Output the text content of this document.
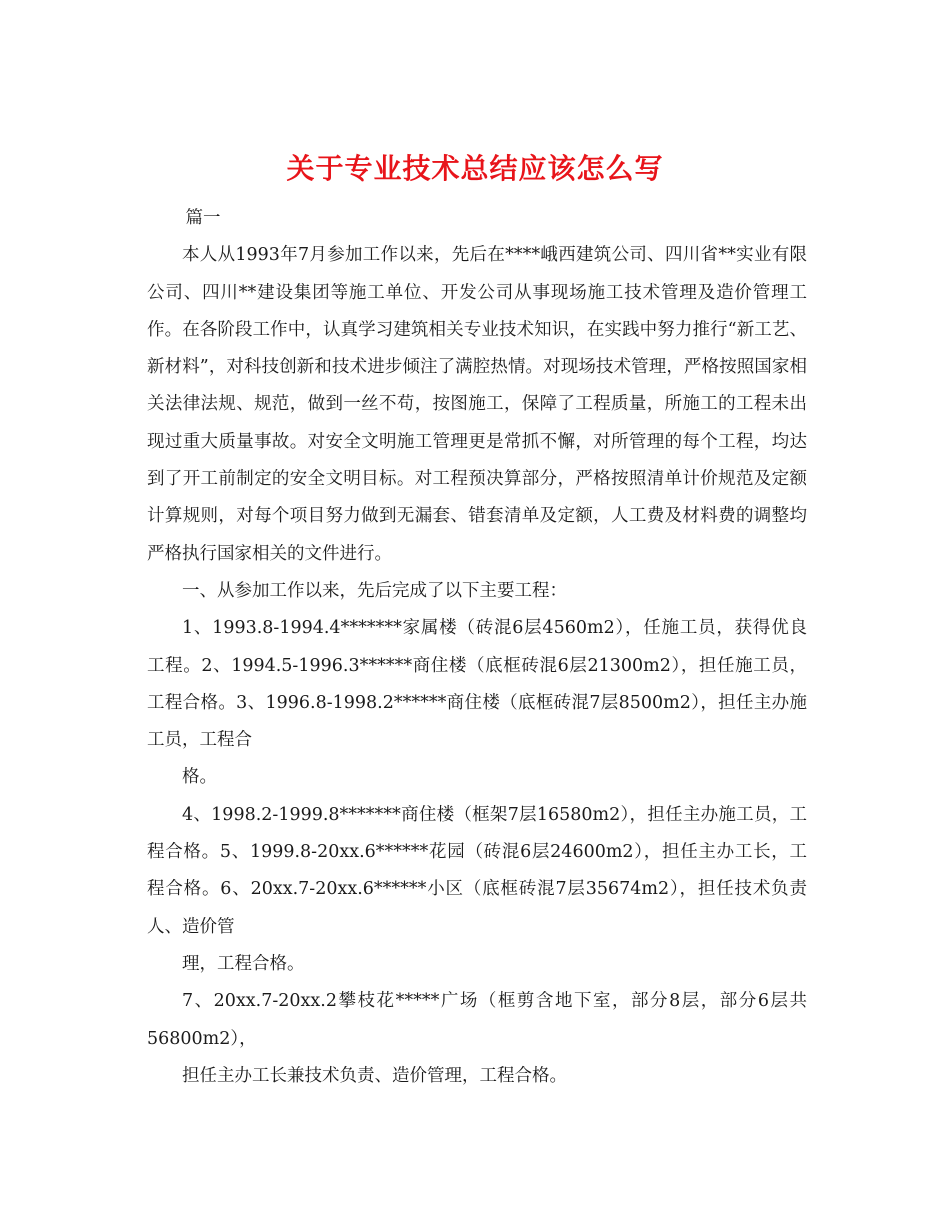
关于专业技术总结应该怎么写

篇一

本人从1993年7月参加工作以来，先后在****峨西建筑公司、四川省**实业有限公司、四川**建设集团等施工单位、开发公司从事现场施工技术管理及造价管理工作。在各阶段工作中，认真学习建筑相关专业技术知识，在实践中努力推行“新工艺、新材料”，对科技创新和技术进步倾注了满腔热情。对现场技术管理，严格按照国家相关法律法规、规范，做到一丝不苟，按图施工，保障了工程质量，所施工的工程未出现过重大质量事故。对安全文明施工管理更是常抓不懈，对所管理的每个工程，均达到了开工前制定的安全文明目标。对工程预决算部分，严格按照清单计价规范及定额计算规则，对每个项目努力做到无漏套、错套清单及定额，人工费及材料费的调整均严格执行国家相关的文件进行。

一、从参加工作以来，先后完成了以下主要工程：

1、1993.8-1994.4*******家属楼（砖混6层4560m2），任施工员，获得优良工程。2、1994.5-1996.3******商住楼（底框砖混6层21300m2），担任施工员，工程合格。3、1996.8-1998.2******商住楼（底框砖混7层8500m2），担任主办施工员，工程合

格。

4、1998.2-1999.8*******商住楼（框架7层16580m2），担任主办施工员，工程合格。5、1999.8-20xx.6******花园（砖混6层24600m2），担任主办工长，工程合格。6、20xx.7-20xx.6******小区（底框砖混7层35674m2），担任技术负责人、造价管

理，工程合格。

7、20xx.7-20xx.2攀枝花*****广场（框剪含地下室，部分8层，部分6层共56800m2），

担任主办工长兼技术负责、造价管理，工程合格。
